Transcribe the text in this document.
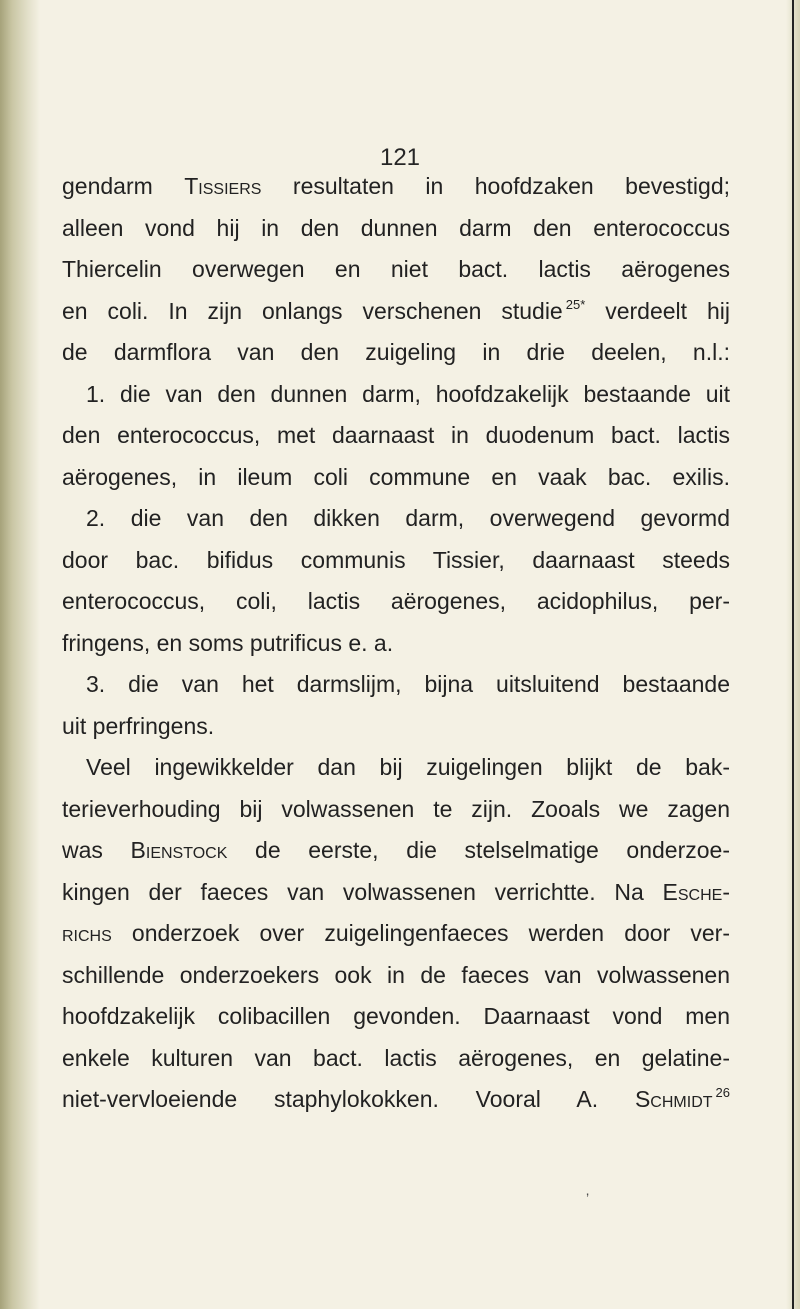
121
gendarm Tissiers resultaten in hoofdzaken bevestigd;
alleen vond hij in den dunnen darm den enterococcus
Thiercelin overwegen en niet bact. lactis aërogenes
en coli. In zijn onlangs verschenen studie $^{25*}$ verdeelt hij
de darmflora van den zuigeling in drie deelen, n.l.:
1. die van den dunnen darm, hoofdzakelijk bestaande uit
den enterococcus, met daarnaast in duodenum bact. lactis
aërogenes, in ileum coli commune en vaak bac. exilis.
2. die van den dikken darm, overwegend gevormd
door bac. bifidus communis Tissier, daarnaast steeds
enterococcus, coli, lactis aërogenes, acidophilus, per-
fringens, en soms putrificus e. a.
3. die van het darmslijm, bijna uitsluitend bestaande
uit perfringens.
Veel ingewikkelder dan bij zuigelingen blijkt de bak-
terieverhouding bij volwassenen te zijn. Zooals we zagen
was Bienstock de eerste, die stelselmatige onderzoe-
kingen der faeces van volwassenen verrichtte. Na Esche-
richs onderzoek over zuigelingenfaeces werden door ver-
schillende onderzoekers ook in de faeces van volwassenen
hoofdzakelijk colibacillen gevonden. Daarnaast vond men
enkele kulturen van bact. lactis aërogenes, en gelatine-
niet-vervloeiende staphylokokken. Vooral A. Schmidt $^{26}$
’
